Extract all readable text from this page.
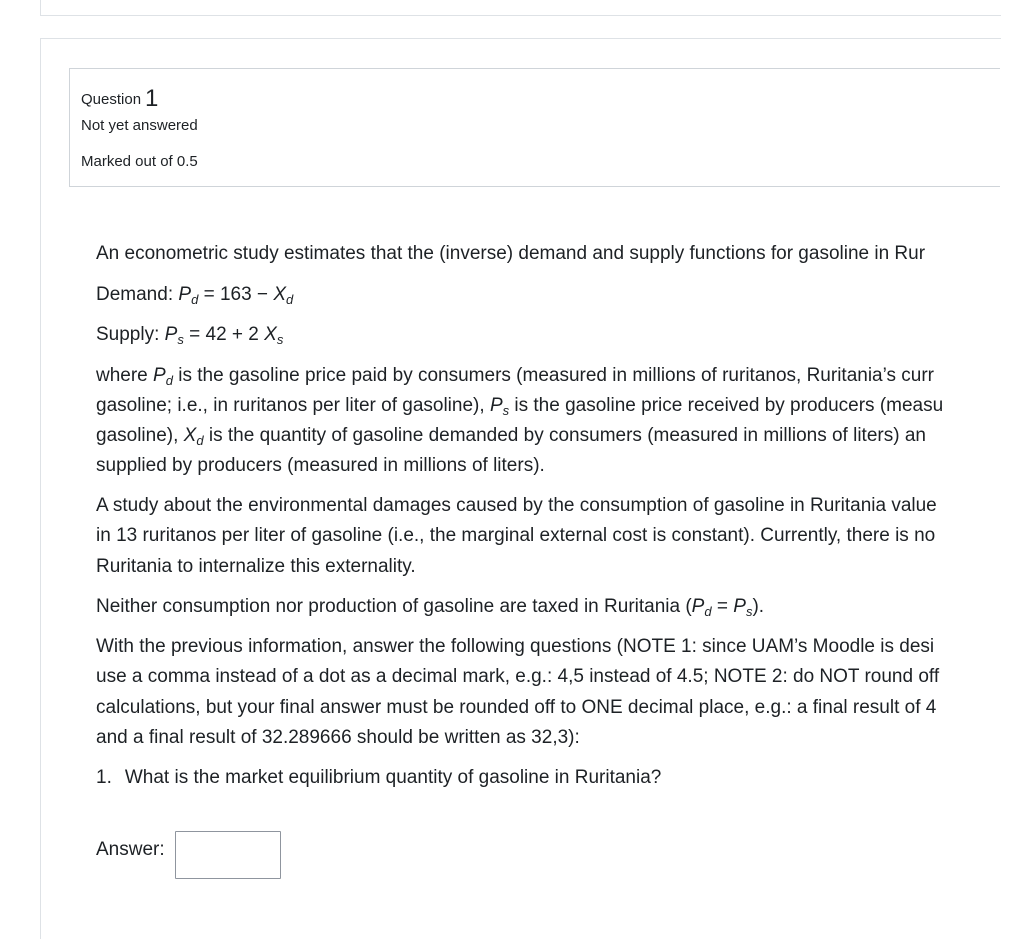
Question 1
Not yet answered
Marked out of 0.5
An econometric study estimates that the (inverse) demand and supply functions for gasoline in Rur
Demand: $P_d = 163 - X_d$
Supply: $P_s = 42 + 2$ $X_s$
where $P_d$ is the gasoline price paid by consumers (measured in millions of ruritanos, Ruritania’s curr
gasoline; i.e., in ruritanos per liter of gasoline), $P_s$ is the gasoline price received by producers (measu
gasoline), $X_d$ is the quantity of gasoline demanded by consumers (measured in millions of liters) an
supplied by producers (measured in millions of liters).
A study about the environmental damages caused by the consumption of gasoline in Ruritania value
in 13 ruritanos per liter of gasoline (i.e., the marginal external cost is constant). Currently, there is no
Ruritania to internalize this externality.
Neither consumption nor production of gasoline are taxed in Ruritania $(P_d = P_s)$.
With the previous information, answer the following questions (NOTE 1: since UAM’s Moodle is desi
use a comma instead of a dot as a decimal mark, e.g.: 4,5 instead of 4.5; NOTE 2: do NOT round off
calculations, but your final answer must be rounded off to ONE decimal place, e.g.: a final result of 4
and a final result of 32.289666 should be written as 32,3):
1. What is the market equilibrium quantity of gasoline in Ruritania?
Answer:
